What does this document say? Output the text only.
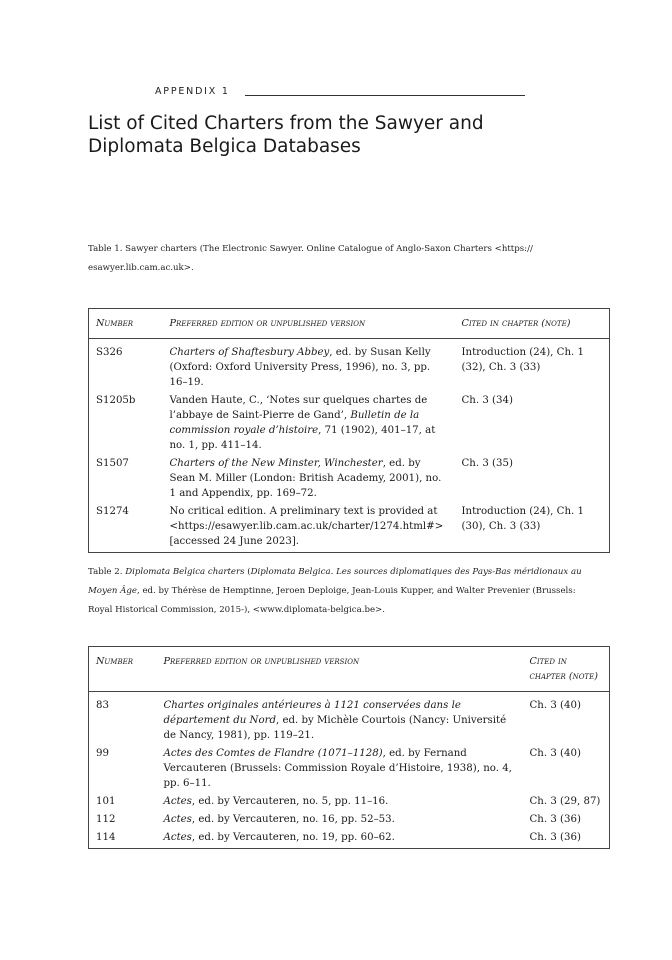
APPENDIX 1
List of Cited Charters from the Sawyer and
Diplomata Belgica Databases

Table 1. Sawyer charters (The Electronic Sawyer. Online Catalogue of Anglo-Saxon Charters <https://
esawyer.lib.cam.ac.uk>.

Number	Preferred edition or unpublished version	Cited in chapter (note)
S326	Charters of Shaftesbury Abbey, ed. by Susan Kelly (Oxford: Oxford University Press, 1996), no. 3, pp. 16–19.	Introduction (24), Ch. 1 (32), Ch. 3 (33)
S1205b	Vanden Haute, C., ‘Notes sur quelques chartes de l’abbaye de Saint-Pierre de Gand’, Bulletin de la commission royale d’histoire, 71 (1902), 401–17, at no. 1, pp. 411–14.	Ch. 3 (34)
S1507	Charters of the New Minster, Winchester, ed. by Sean M. Miller (London: British Academy, 2001), no. 1 and Appendix, pp. 169–72.	Ch. 3 (35)
S1274	No critical edition. A preliminary text is provided at <https://esawyer.lib.cam.ac.uk/charter/1274.html#> [accessed 24 June 2023].	Introduction (24), Ch. 1 (30), Ch. 3 (33)

Table 2. Diplomata Belgica charters (Diplomata Belgica. Les sources diplomatiques des Pays-Bas méridionaux au Moyen Âge, ed. by Thérèse de Hemptinne, Jeroen Deploige, Jean-Louis Kupper, and Walter Prevenier (Brussels: Royal Historical Commission, 2015-), <www.diplomata-belgica.be>.

Number	Preferred edition or unpublished version	Cited in chapter (note)
83	Chartes originales antérieures à 1121 conservées dans le département du Nord, ed. by Michèle Courtois (Nancy: Université de Nancy, 1981), pp. 119–21.	Ch. 3 (40)
99	Actes des Comtes de Flandre (1071–1128), ed. by Fernand Vercauteren (Brussels: Commission Royale d’Histoire, 1938), no. 4, pp. 6–11.	Ch. 3 (40)
101	Actes, ed. by Vercauteren, no. 5, pp. 11–16.	Ch. 3 (29, 87)
112	Actes, ed. by Vercauteren, no. 16, pp. 52–53.	Ch. 3 (36)
114	Actes, ed. by Vercauteren, no. 19, pp. 60–62.	Ch. 3 (36)
